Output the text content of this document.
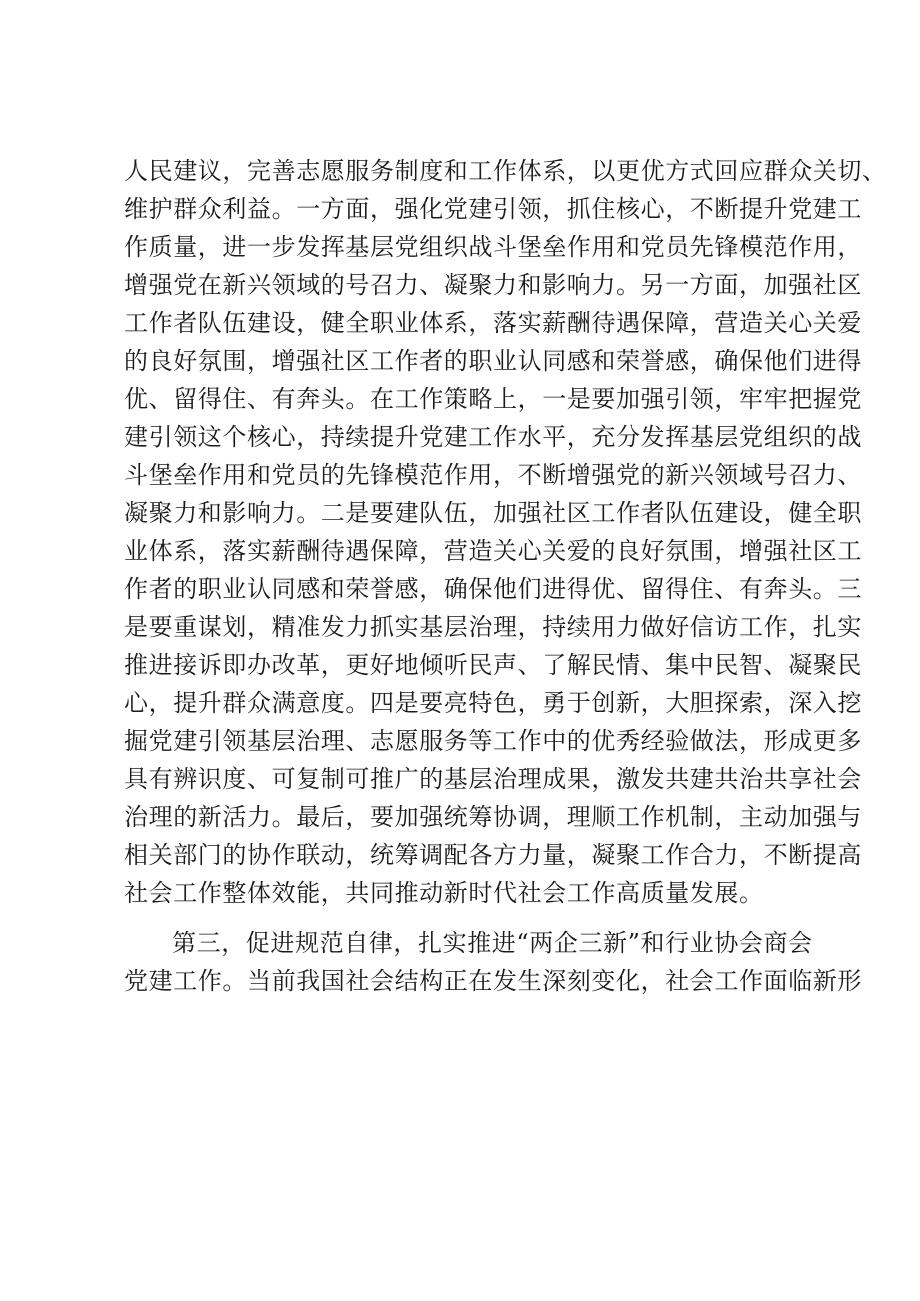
人民建议，完善志愿服务制度和工作体系，以更优方式回应群众关切、
维护群众利益。一方面，强化党建引领，抓住核心，不断提升党建工
作质量，进一步发挥基层党组织战斗堡垒作用和党员先锋模范作用，
增强党在新兴领域的号召力、凝聚力和影响力。另一方面，加强社区
工作者队伍建设，健全职业体系，落实薪酬待遇保障，营造关心关爱
的良好氛围，增强社区工作者的职业认同感和荣誉感，确保他们进得
优、留得住、有奔头。在工作策略上，一是要加强引领，牢牢把握党
建引领这个核心，持续提升党建工作水平，充分发挥基层党组织的战
斗堡垒作用和党员的先锋模范作用，不断增强党的新兴领域号召力、
凝聚力和影响力。二是要建队伍，加强社区工作者队伍建设，健全职
业体系，落实薪酬待遇保障，营造关心关爱的良好氛围，增强社区工
作者的职业认同感和荣誉感，确保他们进得优、留得住、有奔头。三
是要重谋划，精准发力抓实基层治理，持续用力做好信访工作，扎实
推进接诉即办改革，更好地倾听民声、了解民情、集中民智、凝聚民
心，提升群众满意度。四是要亮特色，勇于创新，大胆探索，深入挖
掘党建引领基层治理、志愿服务等工作中的优秀经验做法，形成更多
具有辨识度、可复制可推广的基层治理成果，激发共建共治共享社会
治理的新活力。最后，要加强统筹协调，理顺工作机制，主动加强与
相关部门的协作联动，统筹调配各方力量，凝聚工作合力，不断提高
社会工作整体效能，共同推动新时代社会工作高质量发展。
第三，促进规范自律，扎实推进“两企三新”和行业协会商会
党建工作。当前我国社会结构正在发生深刻变化，社会工作面临新形
